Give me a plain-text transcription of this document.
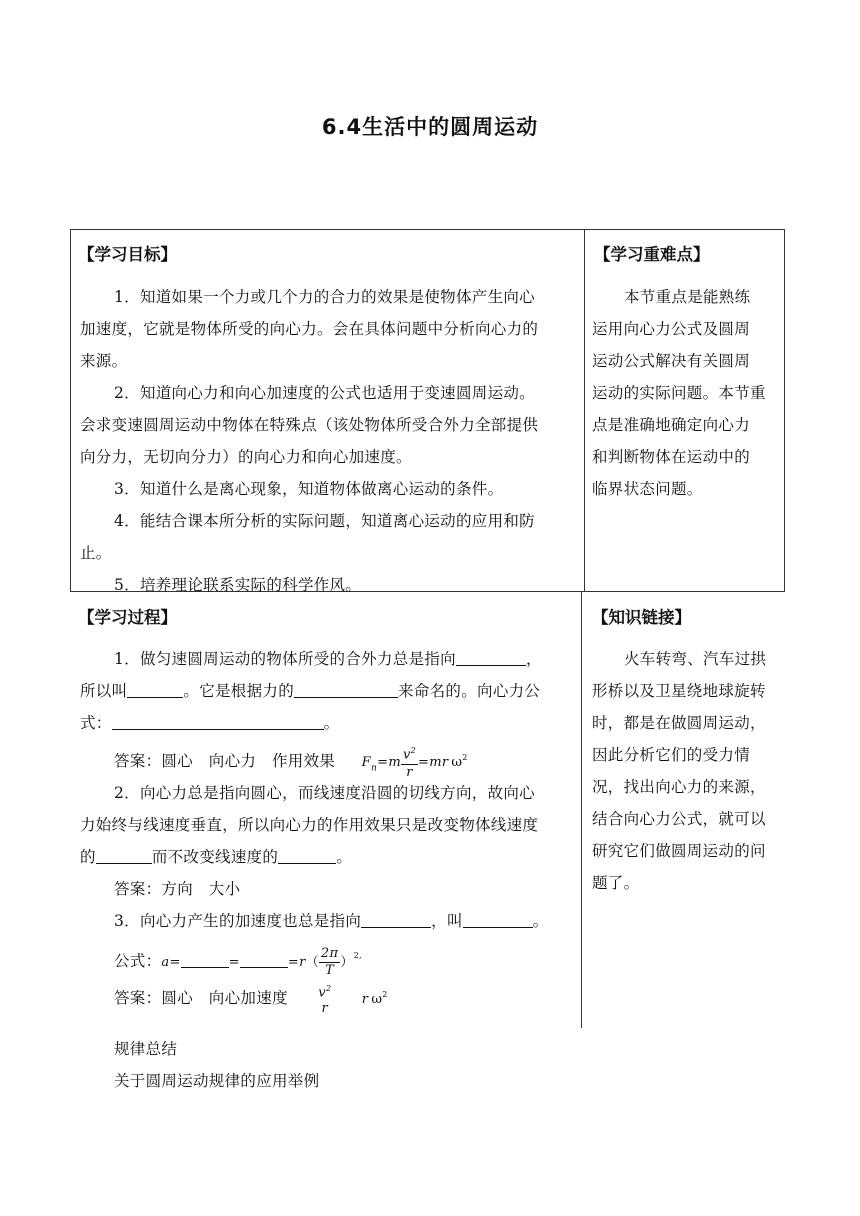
6.4生活中的圆周运动
【学习目标】
1．知道如果一个力或几个力的合力的效果是使物体产生向心
加速度，它就是物体所受的向心力。会在具体问题中分析向心力的
来源。
2．知道向心力和向心加速度的公式也适用于变速圆周运动。
会求变速圆周运动中物体在特殊点（该处物体所受合外力全部提供
向分力，无切向分力）的向心力和向心加速度。
3．知道什么是离心现象，知道物体做离心运动的条件。
4．能结合课本所分析的实际问题，知道离心运动的应用和防
止。
5．培养理论联系实际的科学作风。
【学习重难点】
本节重点是能熟练
运用向心力公式及圆周
运动公式解决有关圆周
运动的实际问题。本节重
点是准确地确定向心力
和判断物体在运动中的
临界状态问题。
【学习过程】
1．做匀速圆周运动的物体所受的合外力总是指向	，
所以叫	。它是根据力的	来命名的。向心力公
式：	。
答案：圆心　向心力　作用效果 $F_n=m \frac{v^2}{r} =mr$ $\omega^2$
2．向心力总是指向圆心，而线速度沿圆的切线方向，故向心
力始终与线速度垂直，所以向心力的作用效果只是改变物体线速度
的	而不改变线速度的	。
答案：方向　大小
3．向心力产生的加速度也总是指向	，叫	。
公式：a=	=	$=r( \frac{2\pi}{T} )^{2,}$
答案：圆心　向心加速度 $v^2$
r
r $\omega^2$
【知识链接】
火车转弯、汽车过拱
形桥以及卫星绕地球旋转
时，都是在做圆周运动，
因此分析它们的受力情
况，找出向心力的来源，
结合向心力公式，就可以
研究它们做圆周运动的问
题了。
规律总结
关于圆周运动规律的应用举例
